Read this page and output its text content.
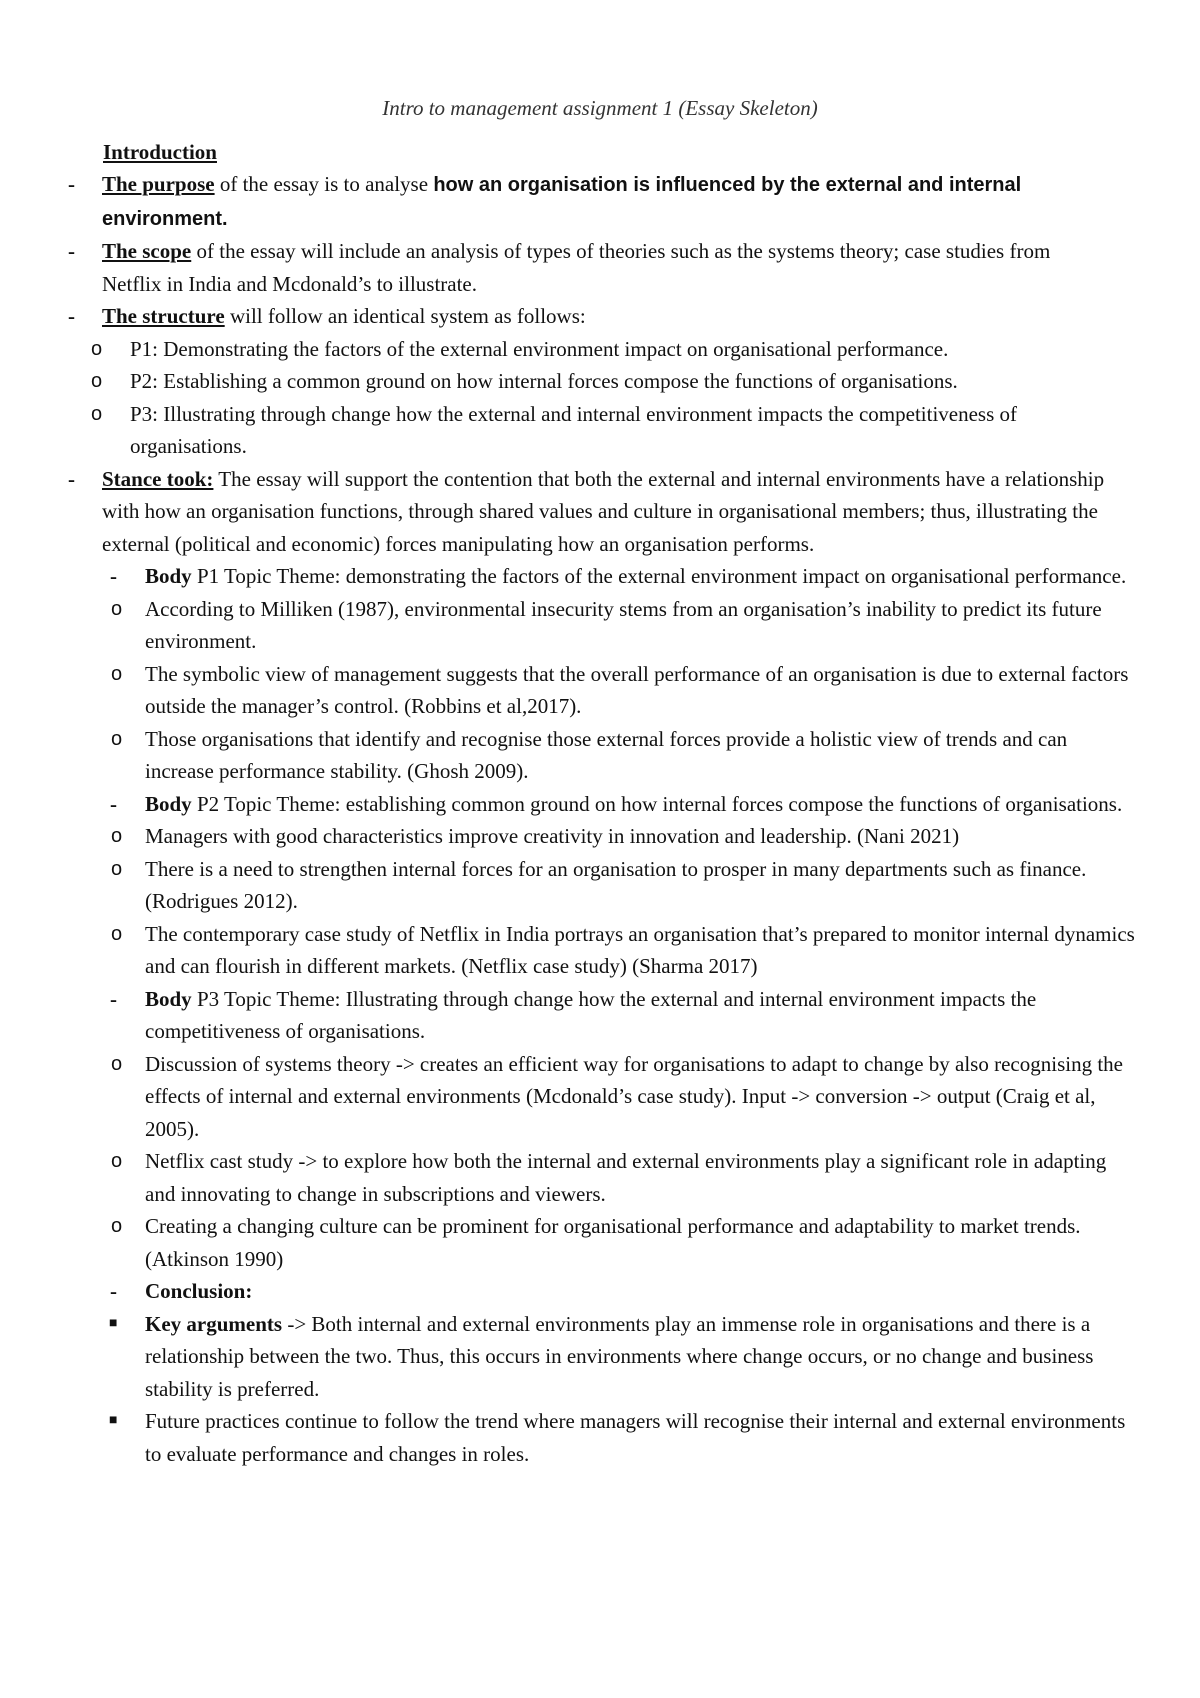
Intro to management assignment 1 (Essay Skeleton)

Introduction

- The purpose of the essay is to analyse how an organisation is influenced by the external and internal environment.

- The scope of the essay will include an analysis of types of theories such as the systems theory; case studies from Netflix in India and Mcdonald’s to illustrate.

- The structure will follow an identical system as follows:

o P1: Demonstrating the factors of the external environment impact on organisational performance.

o P2: Establishing a common ground on how internal forces compose the functions of organisations.

o P3: Illustrating through change how the external and internal environment impacts the competitiveness of organisations.

- Stance took: The essay will support the contention that both the external and internal environments have a relationship with how an organisation functions, through shared values and culture in organisational members; thus, illustrating the external (political and economic) forces manipulating how an organisation performs.

- Body P1 Topic Theme: demonstrating the factors of the external environment impact on organisational performance.

o According to Milliken (1987), environmental insecurity stems from an organisation’s inability to predict its future environment.

o The symbolic view of management suggests that the overall performance of an organisation is due to external factors outside the manager’s control. (Robbins et al,2017).

o Those organisations that identify and recognise those external forces provide a holistic view of trends and can increase performance stability. (Ghosh 2009).

- Body P2 Topic Theme: establishing common ground on how internal forces compose the functions of organisations.

o Managers with good characteristics improve creativity in innovation and leadership. (Nani 2021)

o There is a need to strengthen internal forces for an organisation to prosper in many departments such as finance. (Rodrigues 2012).

o The contemporary case study of Netflix in India portrays an organisation that’s prepared to monitor internal dynamics and can flourish in different markets. (Netflix case study) (Sharma 2017)

- Body P3 Topic Theme: Illustrating through change how the external and internal environment impacts the competitiveness of organisations.

o Discussion of systems theory -> creates an efficient way for organisations to adapt to change by also recognising the effects of internal and external environments (Mcdonald’s case study). Input -> conversion -> output (Craig et al, 2005).

o Netflix cast study -> to explore how both the internal and external environments play a significant role in adapting and innovating to change in subscriptions and viewers.

o Creating a changing culture can be prominent for organisational performance and adaptability to market trends. (Atkinson 1990)

- Conclusion:

■ Key arguments -> Both internal and external environments play an immense role in organisations and there is a relationship between the two. Thus, this occurs in environments where change occurs, or no change and business stability is preferred.

■ Future practices continue to follow the trend where managers will recognise their internal and external environments to evaluate performance and changes in roles.
